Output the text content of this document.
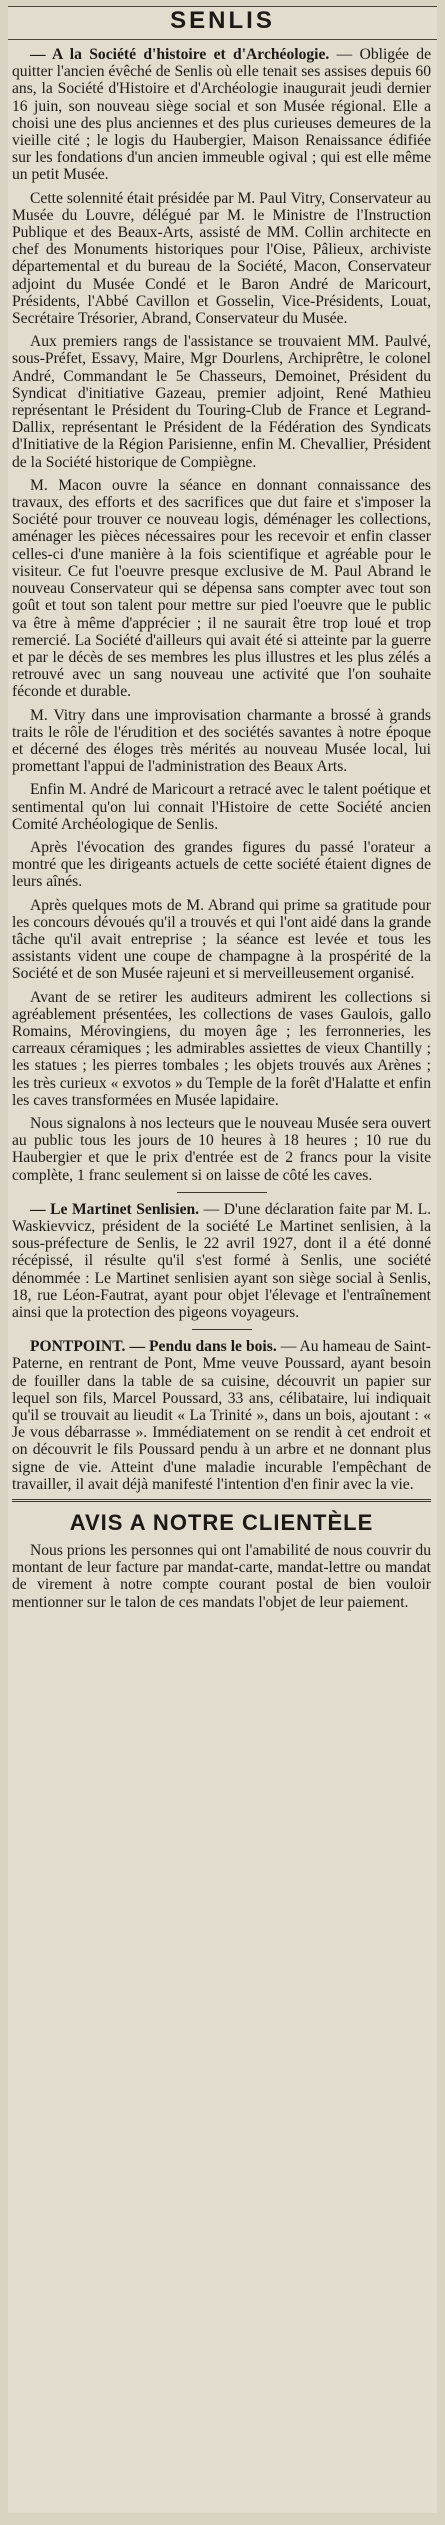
SENLIS

— A la Société d'histoire et d'Archéologie. — Obligée de quitter l'ancien évêché de Senlis où elle tenait ses assises depuis 60 ans, la Société d'Histoire et d'Archéologie inaugurait jeudi dernier 16 juin, son nouveau siège social et son Musée régional. Elle a choisi une des plus anciennes et des plus curieuses demeures de la vieille cité ; le logis du Haubergier, Maison Renaissance édifiée sur les fondations d'un ancien immeuble ogival ; qui est elle même un petit Musée.

Cette solennité était présidée par M. Paul Vitry, Conservateur au Musée du Louvre, délégué par M. le Ministre de l'Instruction Publique et des Beaux-Arts, assisté de MM. Collin architecte en chef des Monuments historiques pour l'Oise, Pâlieux, archiviste départemental et du bureau de la Société, Macon, Conservateur adjoint du Musée Condé et le Baron André de Maricourt, Présidents, l'Abbé Cavillon et Gosselin, Vice-Présidents, Louat, Secrétaire Trésorier, Abrand, Conservateur du Musée.

Aux premiers rangs de l'assistance se trouvaient MM. Paulvé, sous-Préfet, Essavy, Maire, Mgr Dourlens, Archiprêtre, le colonel André, Commandant le 5e Chasseurs, Demoinet, Président du Syndicat d'initiative Gazeau, premier adjoint, René Mathieu représentant le Président du Touring-Club de France et Legrand-Dallix, représentant le Président de la Fédération des Syndicats d'Initiative de la Région Parisienne, enfin M. Chevallier, Président de la Société historique de Compiègne.

M. Macon ouvre la séance en donnant connaissance des travaux, des efforts et des sacrifices que dut faire et s'imposer la Société pour trouver ce nouveau logis, déménager les collections, aménager les pièces nécessaires pour les recevoir et enfin classer celles-ci d'une manière à la fois scientifique et agréable pour le visiteur. Ce fut l'oeuvre presque exclusive de M. Paul Abrand le nouveau Conservateur qui se dépensa sans compter avec tout son goût et tout son talent pour mettre sur pied l'oeuvre que le public va être à même d'apprécier ; il ne saurait être trop loué et trop remercié. La Société d'ailleurs qui avait été si atteinte par la guerre et par le décès de ses membres les plus illustres et les plus zélés a retrouvé avec un sang nouveau une activité que l'on souhaite féconde et durable.

M. Vitry dans une improvisation charmante a brossé à grands traits le rôle de l'érudition et des sociétés savantes à notre époque et décerné des éloges très mérités au nouveau Musée local, lui promettant l'appui de l'administration des Beaux Arts.

Enfin M. André de Maricourt a retracé avec le talent poétique et sentimental qu'on lui connait l'Histoire de cette Société ancien Comité Archéologique de Senlis.

Après l'évocation des grandes figures du passé l'orateur a montré que les dirigeants actuels de cette société étaient dignes de leurs aînés.

Après quelques mots de M. Abrand qui prime sa gratitude pour les concours dévoués qu'il a trouvés et qui l'ont aidé dans la grande tâche qu'il avait entreprise ; la séance est levée et tous les assistants vident une coupe de champagne à la prospérité de la Société et de son Musée rajeuni et si merveilleusement organisé.

Avant de se retirer les auditeurs admirent les collections si agréablement présentées, les collections de vases Gaulois, gallo Romains, Mérovingiens, du moyen âge ; les ferronneries, les carreaux céramiques ; les admirables assiettes de vieux Chantilly ; les statues ; les pierres tombales ; les objets trouvés aux Arènes ; les très curieux « exvotos » du Temple de la forêt d'Halatte et enfin les caves transformées en Musée lapidaire.

Nous signalons à nos lecteurs que le nouveau Musée sera ouvert au public tous les jours de 10 heures à 18 heures ; 10 rue du Haubergier et que le prix d'entrée est de 2 francs pour la visite complète, 1 franc seulement si on laisse de côté les caves.

— Le Martinet Senlisien. — D'une déclaration faite par M. L. Waskievvicz, président de la société Le Martinet senlisien, à la sous-préfecture de Senlis, le 22 avril 1927, dont il a été donné récépissé, il résulte qu'il s'est formé à Senlis, une société dénommée : Le Martinet senlisien ayant son siège social à Senlis, 18, rue Léon-Fautrat, ayant pour objet l'élevage et l'entraînement ainsi que la protection des pigeons voyageurs.

PONTPOINT. — Pendu dans le bois. — Au hameau de Saint-Paterne, en rentrant de Pont, Mme veuve Poussard, ayant besoin de fouiller dans la table de sa cuisine, découvrit un papier sur lequel son fils, Marcel Poussard, 33 ans, célibataire, lui indiquait qu'il se trouvait au lieudit « La Trinité », dans un bois, ajoutant : « Je vous débarrasse ». Immédiatement on se rendit à cet endroit et on découvrit le fils Poussard pendu à un arbre et ne donnant plus signe de vie. Atteint d'une maladie incurable l'empêchant de travailler, il avait déjà manifesté l'intention d'en finir avec la vie.

AVIS A NOTRE CLIENTÈLE

Nous prions les personnes qui ont l'amabilité de nous couvrir du montant de leur facture par mandat-carte, mandat-lettre ou mandat de virement à notre compte courant postal de bien vouloir mentionner sur le talon de ces mandats l'objet de leur paiement.
